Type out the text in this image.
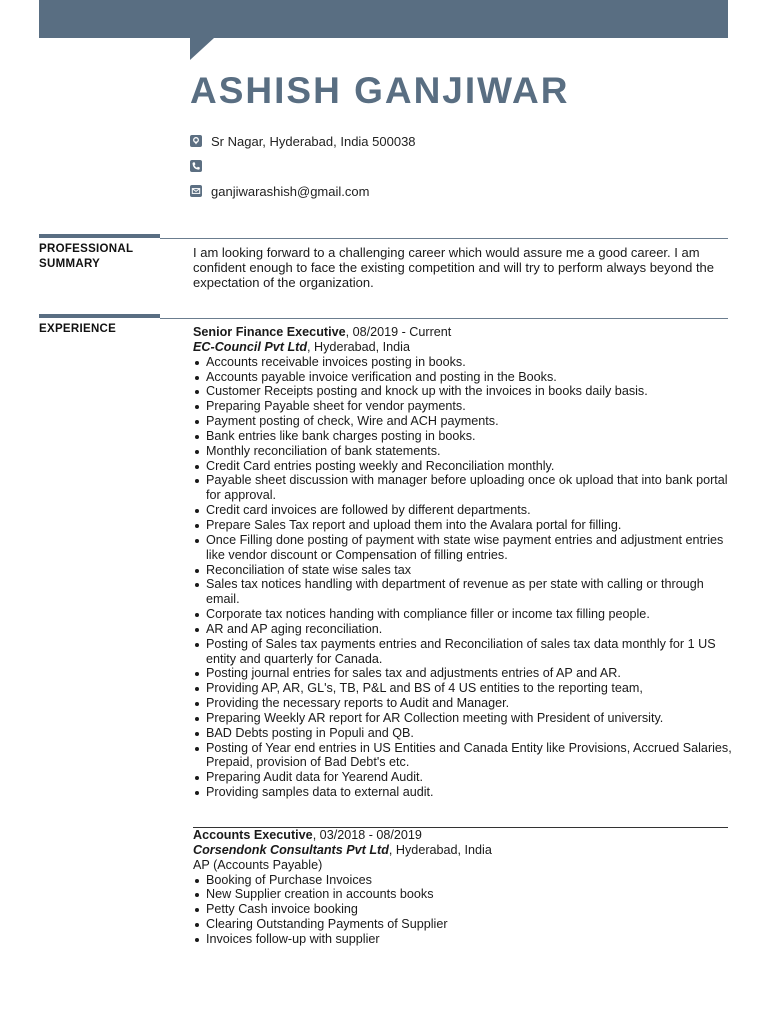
ASHISH GANJIWAR
Sr Nagar, Hyderabad, India 500038
ganjiwarashish@gmail.com
PROFESSIONAL
SUMMARY

I am looking forward to a challenging career which would assure me a good career. I am confident enough to face the existing competition and will try to perform always beyond the expectation of the organization.

EXPERIENCE	Senior Finance Executive, 08/2019 - Current
EC-Council Pvt Ltd, Hyderabad, India
Accounts receivable invoices posting in books.
Accounts payable invoice verification and posting in the Books.
Customer Receipts posting and knock up with the invoices in books daily basis.
Preparing Payable sheet for vendor payments.
Payment posting of check, Wire and ACH payments.
Bank entries like bank charges posting in books.
Monthly reconciliation of bank statements.
Credit Card entries posting weekly and Reconciliation monthly.
Payable sheet discussion with manager before uploading once ok upload that into bank portal for approval.
Credit card invoices are followed by different departments.
Prepare Sales Tax report and upload them into the Avalara portal for filling.
Once Filling done posting of payment with state wise payment entries and adjustment entries like vendor discount or Compensation of filling entries.
Reconciliation of state wise sales tax
Sales tax notices handling with department of revenue as per state with calling or through email.
Corporate tax notices handing with compliance filler or income tax filling people.
AR and AP aging reconciliation.
Posting of Sales tax payments entries and Reconciliation of sales tax data monthly for 1 US entity and quarterly for Canada.
Posting journal entries for sales tax and adjustments entries of AP and AR.
Providing AP, AR, GL's, TB, P&L and BS of 4 US entities to the reporting team,
Providing the necessary reports to Audit and Manager.
Preparing Weekly AR report for AR Collection meeting with President of university.
BAD Debts posting in Populi and QB.
Posting of Year end entries in US Entities and Canada Entity like Provisions, Accrued Salaries, Prepaid, provision of Bad Debt's etc.
Preparing Audit data for Yearend Audit.
Providing samples data to external audit.
Accounts Executive, 03/2018 - 08/2019
Corsendonk Consultants Pvt Ltd, Hyderabad, India
AP (Accounts Payable)
Booking of Purchase Invoices
New Supplier creation in accounts books
Petty Cash invoice booking
Clearing Outstanding Payments of Supplier
Invoices follow-up with supplier
